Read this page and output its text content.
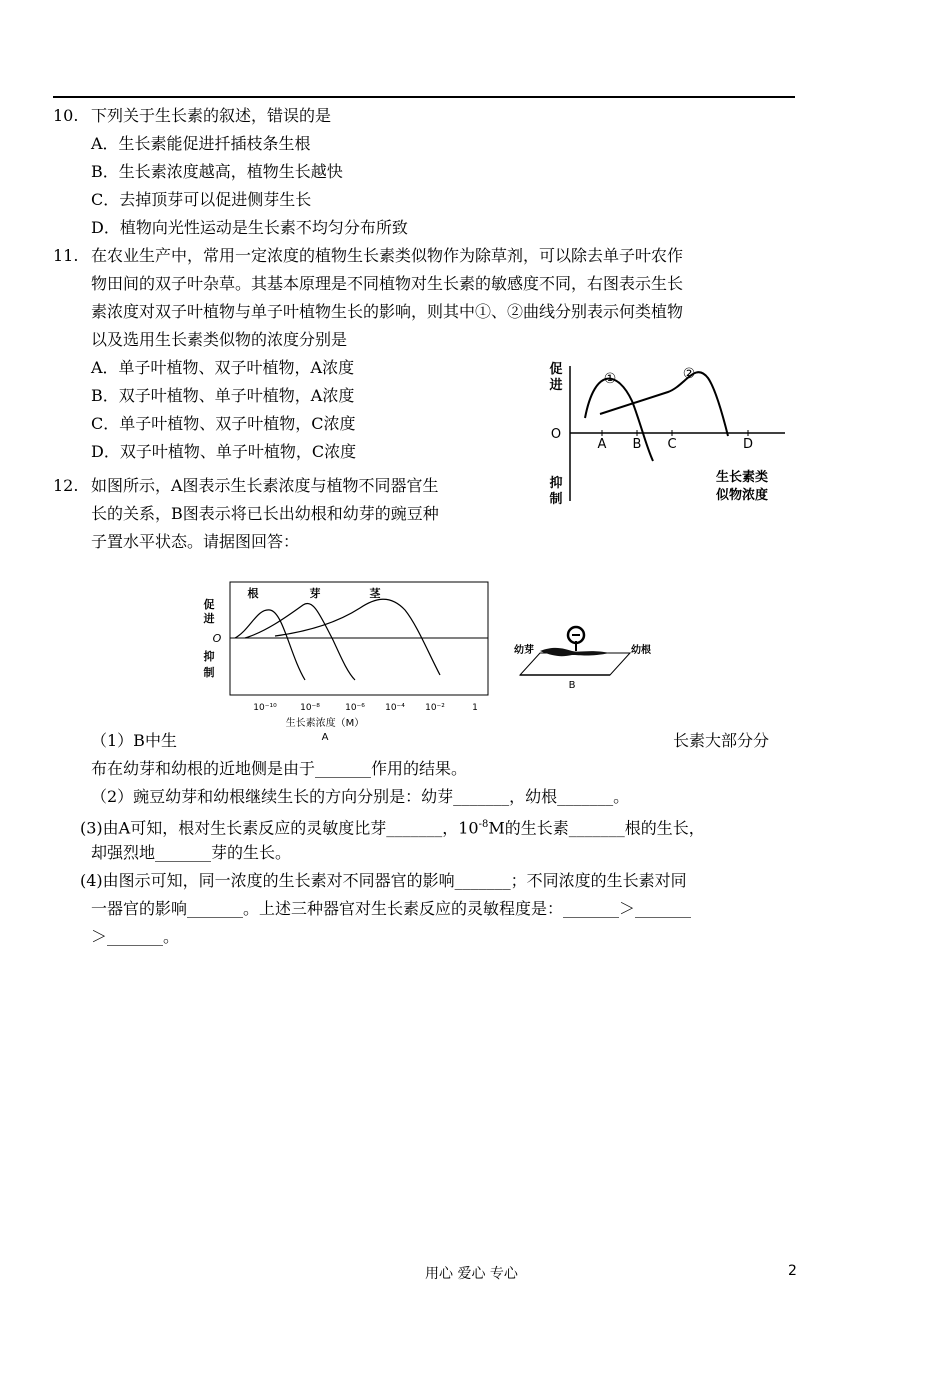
10. 下列关于生长素的叙述，错误的是
A．生长素能促进扦插枝条生根
B．生长素浓度越高，植物生长越快
C．去掉顶芽可以促进侧芽生长
D．植物向光性运动是生长素不均匀分布所致
11. 在农业生产中，常用一定浓度的植物生长素类似物作为除草剂，可以除去单子叶农作
物田间的双子叶杂草。其基本原理是不同植物对生长素的敏感度不同，右图表示生长
素浓度对双子叶植物与单子叶植物生长的影响，则其中①、②曲线分别表示何类植物
以及选用生长素类似物的浓度分别是
A．单子叶植物、双子叶植物，A浓度
B．双子叶植物、单子叶植物，A浓度
C．单子叶植物、双子叶植物，C浓度
D．双子叶植物、单子叶植物，C浓度
促
进
抑
制
O
①	②
A B C	D
生长素类
似物浓度
12. 如图所示，A图表示生长素浓度与植物不同器官生
长的关系，B图表示将已长出幼根和幼芽的豌豆种
子置水平状态。请据图回答：
促
进
O
抑
制
根	芽	茎
10⁻¹⁰	10⁻⁸	10⁻⁶ 10⁻⁴ 10⁻²	1
生长素浓度（M）
A
幼芽	幼根
B
（1）B中生	长素大部分分
布在幼芽和幼根的近地侧是由于_______作用的结果。
（2）豌豆幼芽和幼根继续生长的方向分别是：幼芽_______，幼根_______。
(3)由A可知，根对生长素反应的灵敏度比芽_______，$10^{-8}M$的生长素_______根的生长，
却强烈地_______芽的生长。
(4)由图示可知，同一浓度的生长素对不同器官的影响_______；不同浓度的生长素对同
一器官的影响_______。上述三种器官对生长素反应的灵敏程度是：_______＞_______
＞_______。
用心 爱心 专心	2
